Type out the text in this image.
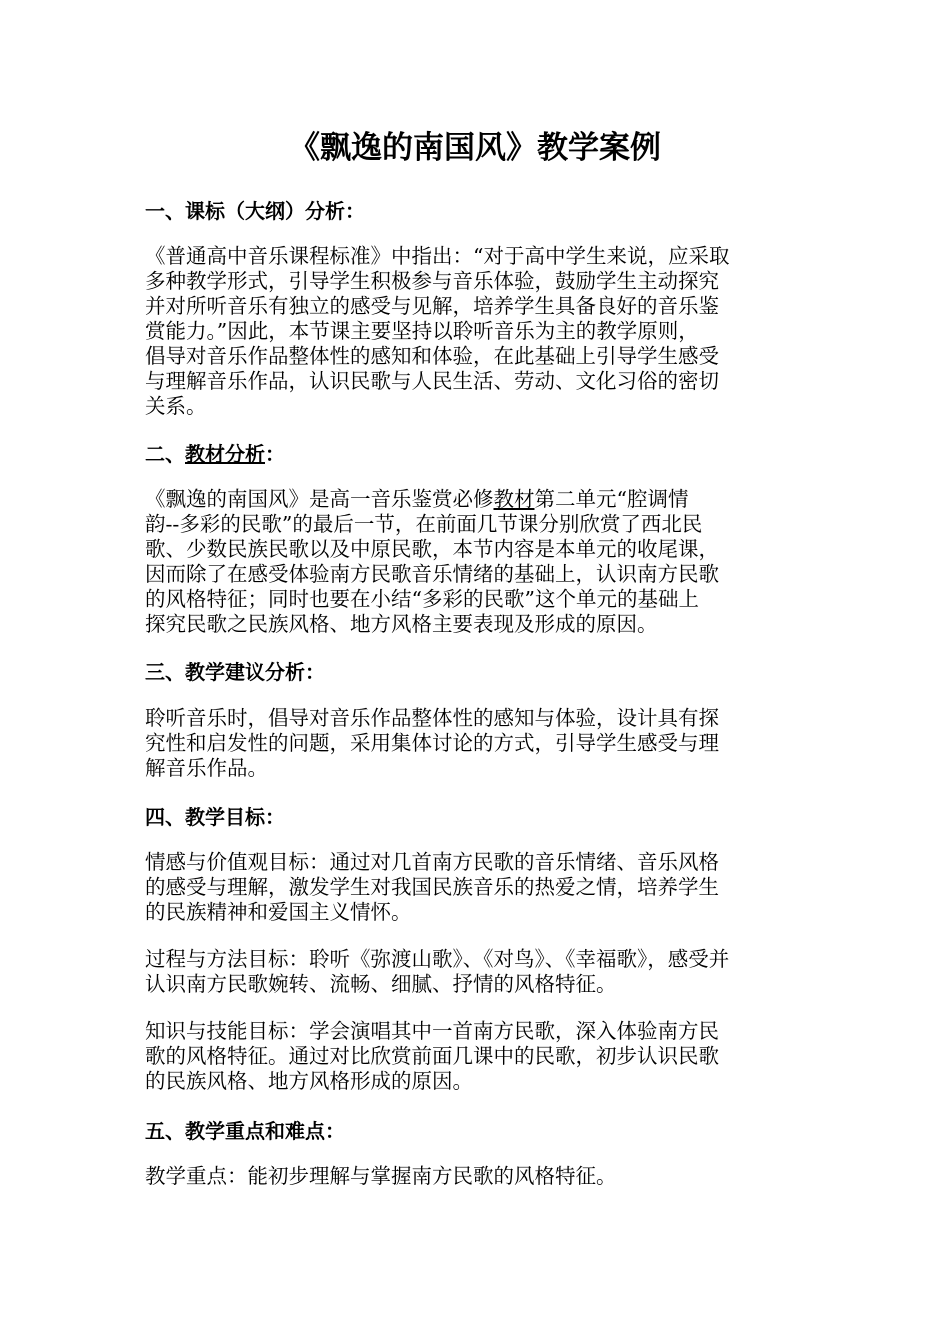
《飘逸的南国风》教学案例
一、课标（大纲）分析：

《普通高中音乐课程标准》中指出：“对于高中学生来说，应采取
多种教学形式，引导学生积极参与音乐体验，鼓励学生主动探究
并对所听音乐有独立的感受与见解，培养学生具备良好的音乐鉴
赏能力。”因此，本节课主要坚持以聆听音乐为主的教学原则，
倡导对音乐作品整体性的感知和体验，在此基础上引导学生感受
与理解音乐作品，认识民歌与人民生活、劳动、文化习俗的密切
关系。

二、教材分析：

《飘逸的南国风》是高一音乐鉴赏必修教材第二单元“腔调情
韵--多彩的民歌”的最后一节，在前面几节课分别欣赏了西北民
歌、少数民族民歌以及中原民歌，本节内容是本单元的收尾课，
因而除了在感受体验南方民歌音乐情绪的基础上，认识南方民歌
的风格特征；同时也要在小结“多彩的民歌”这个单元的基础上
探究民歌之民族风格、地方风格主要表现及形成的原因。

三、教学建议分析：

聆听音乐时，倡导对音乐作品整体性的感知与体验，设计具有探
究性和启发性的问题，采用集体讨论的方式，引导学生感受与理
解音乐作品。

四、教学目标：

情感与价值观目标：通过对几首南方民歌的音乐情绪、音乐风格
的感受与理解，激发学生对我国民族音乐的热爱之情，培养学生
的民族精神和爱国主义情怀。

过程与方法目标：聆听《弥渡山歌》、《对鸟》、《幸福歌》，感受并
认识南方民歌婉转、流畅、细腻、抒情的风格特征。

知识与技能目标：学会演唱其中一首南方民歌，深入体验南方民
歌的风格特征。通过对比欣赏前面几课中的民歌，初步认识民歌
的民族风格、地方风格形成的原因。

五、教学重点和难点：

教学重点：能初步理解与掌握南方民歌的风格特征。
